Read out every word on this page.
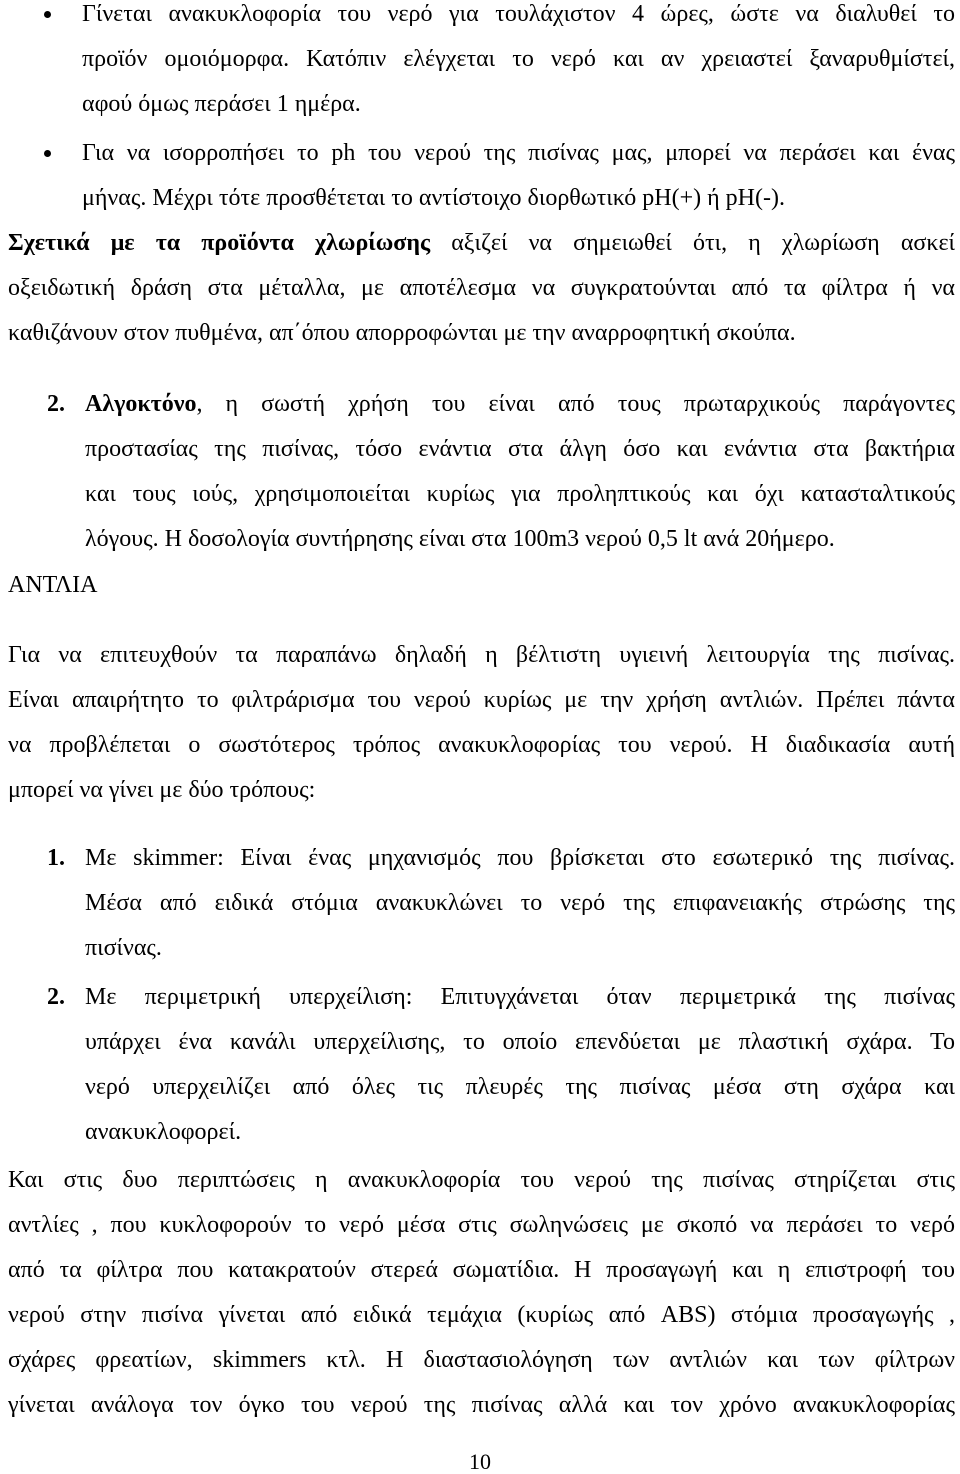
Γίνεται ανακυκλοφορία του νερό για τουλάχιστον 4 ώρες, ώστε να διαλυθεί το
προϊόν ομοιόμορφα. Κατόπιν ελέγχεται το νερό και αν χρειαστεί ξαναρυθμίστεί,
αφού όμως περάσει 1 ημέρα.
Για να ισορροπήσει το ph του νερού της πισίνας μας, μπορεί να περάσει και ένας
μήνας. Μέχρι τότε προσθέτεται το αντίστοιχο διορθωτικό pH(+) ή pH(-).
Σχετικά με τα προϊόντα χλωρίωσης αξιζεί να σημειωθεί ότι, η χλωρίωση ασκεί
οξειδωτική δράση στα μέταλλα, με αποτέλεσμα να συγκρατούνται από τα φίλτρα ή να
καθιζάνουν στον πυθμένα, απ΄όπου απορροφώνται με την αναρροφητική σκούπα.
2. Αλγοκτόνο, η σωστή χρήση του είναι από τους πρωταρχικούς παράγοντες
προστασίας της πισίνας, τόσο ενάντια στα άλγη όσο και ενάντια στα βακτήρια
και τους ιούς, χρησιμοποιείται κυρίως για προληπτικούς και όχι κατασταλτικούς
λόγους. Η δοσολογία συντήρησης είναι στα 100m3 νερού 0,5 lt ανά 20ήμερο.
ΑΝΤΛΙΑ
Για να επιτευχθούν τα παραπάνω δηλαδή η βέλτιστη υγιεινή λειτουργία της πισίνας.
Είναι απαιρήτητο το φιλτράρισμα του νερού κυρίως με την χρήση αντλιών. Πρέπει πάντα
να προβλέπεται ο σωστότερος τρόπος ανακυκλοφορίας του νερού. Η διαδικασία αυτή
μπορεί να γίνει με δύο τρόπους:
1. Με skimmer: Είναι ένας μηχανισμός που βρίσκεται στο εσωτερικό της πισίνας.
Μέσα από ειδικά στόμια ανακυκλώνει το νερό της επιφανειακής στρώσης της
πισίνας.
2. Με περιμετρική υπερχείλιση: Επιτυγχάνεται όταν περιμετρικά της πισίνας
υπάρχει ένα κανάλι υπερχείλισης, το οποίο επενδύεται με πλαστική σχάρα. Το
νερό υπερχειλίζει από όλες τις πλευρές της πισίνας μέσα στη σχάρα και
ανακυκλοφορεί.
Και στις δυο περιπτώσεις η ανακυκλοφορία του νερού της πισίνας στηρίζεται στις
αντλίες , που κυκλοφορούν το νερό μέσα στις σωληνώσεις με σκοπό να περάσει το νερό
από τα φίλτρα που κατακρατούν στερεά σωματίδια. Η προσαγωγή και η επιστροφή του
νερού στην πισίνα γίνεται από ειδικά τεμάχια (κυρίως από ABS) στόμια προσαγωγής ,
σχάρες φρεατίων, skimmers κτλ. Η διαστασιολόγηση των αντλιών και των φίλτρων
γίνεται ανάλογα τον όγκο του νερού της πισίνας αλλά και τον χρόνο ανακυκλοφορίας
10
